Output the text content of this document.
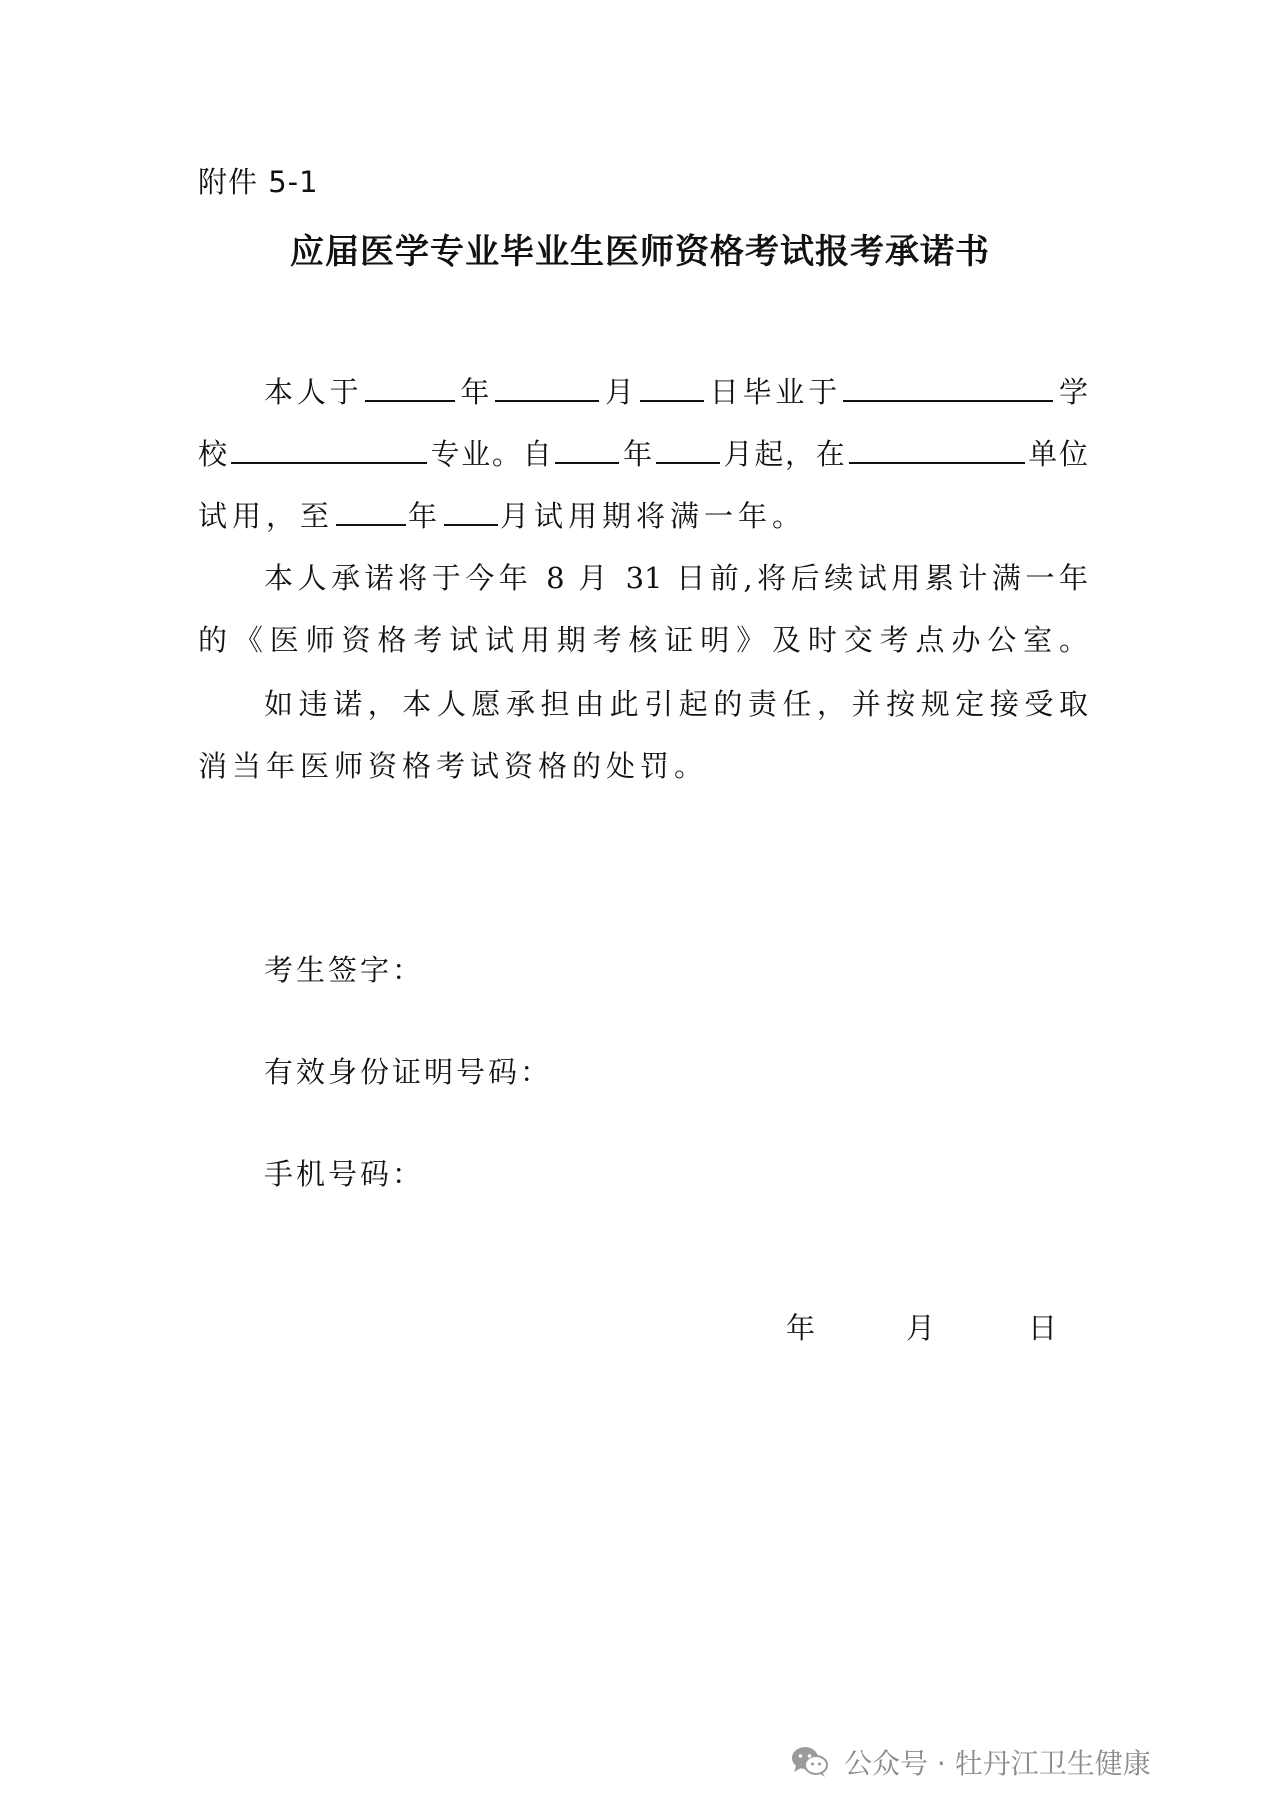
附件 5-1
应届医学专业毕业生医师资格考试报考承诺书
本人于	年	月 日毕业于	学
校	专业。自 年 月起，在	单位
试用，至	年 月试用期将满一年。
本人承诺将于今年 8 月 31 日前,将后续试用累计满一年
的《医师资格考试试用期考核证明》及时交考点办公室。
如违诺，本人愿承担由此引起的责任，并按规定接受取
消当年医师资格考试资格的处罚。
考生签字：
有效身份证明号码：
手机号码：
年	月	日
公众号 · 牡丹江卫生健康
